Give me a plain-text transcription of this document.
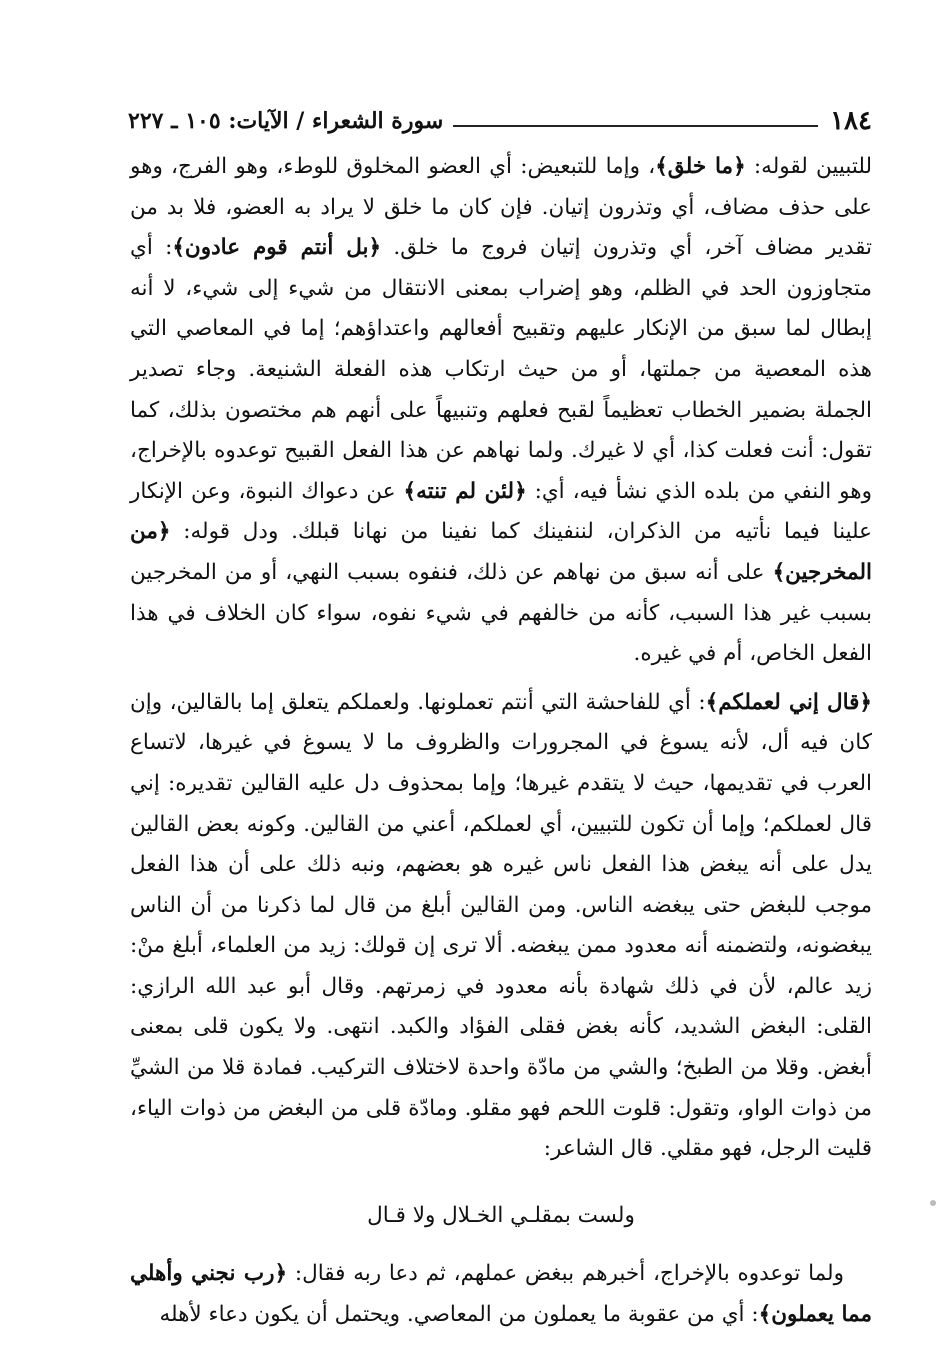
١٨٤
سورة الشعراء / الآيات: ١٠٥ ـ ٢٢٧

للتبيين لقوله: ﴿ما خلق﴾، وإما للتبعيض: أي العضو المخلوق للوطء، وهو الفرج، وهو على حذف مضاف، أي وتذرون إتيان. فإن كان ما خلق لا يراد به العضو، فلا بد من تقدير مضاف آخر، أي وتذرون إتيان فروج ما خلق. ﴿بل أنتم قوم عادون﴾: أي متجاوزون الحد في الظلم، وهو إضراب بمعنى الانتقال من شيء إلى شيء، لا أنه إبطال لما سبق من الإنكار عليهم وتقبيح أفعالهم واعتداؤهم؛ إما في المعاصي التي هذه المعصية من جملتها، أو من حيث ارتكاب هذه الفعلة الشنيعة. وجاء تصدير الجملة بضمير الخطاب تعظيماً لقبح فعلهم وتنبيهاً على أنهم هم مختصون بذلك، كما تقول: أنت فعلت كذا، أي لا غيرك. ولما نهاهم عن هذا الفعل القبيح توعدوه بالإخراج، وهو النفي من بلده الذي نشأ فيه، أي: ﴿لئن لم تنته﴾ عن دعواك النبوة، وعن الإنكار علينا فيما نأتيه من الذكران، لننفينك كما نفينا من نهانا قبلك. ودل قوله: ﴿من المخرجين﴾ على أنه سبق من نهاهم عن ذلك، فنفوه بسبب النهي، أو من المخرجين بسبب غير هذا السبب، كأنه من خالفهم في شيء نفوه، سواء كان الخلاف في هذا الفعل الخاص، أم في غيره.

﴿قال إني لعملكم﴾: أي للفاحشة التي أنتم تعملونها. ولعملكم يتعلق إما بالقالين، وإن كان فيه أل، لأنه يسوغ في المجرورات والظروف ما لا يسوغ في غيرها، لاتساع العرب في تقديمها، حيث لا يتقدم غيرها؛ وإما بمحذوف دل عليه القالين تقديره: إني قال لعملكم؛ وإما أن تكون للتبيين، أي لعملكم، أعني من القالين. وكونه بعض القالين يدل على أنه يبغض هذا الفعل ناس غيره هو بعضهم، ونبه ذلك على أن هذا الفعل موجب للبغض حتى يبغضه الناس. ومن القالين أبلغ من قال لما ذكرنا من أن الناس يبغضونه، ولتضمنه أنه معدود ممن يبغضه. ألا ترى إن قولك: زيد من العلماء، أبلغ منْ: زيد عالم، لأن في ذلك شهادة بأنه معدود في زمرتهم. وقال أبو عبد الله الرازي: القلى: البغض الشديد، كأنه بغض فقلى الفؤاد والكبد. انتهى. ولا يكون قلى بمعنى أبغض. وقلا من الطبخ؛ والشي من مادّة واحدة لاختلاف التركيب. فمادة قلا من الشيِّ من ذوات الواو، وتقول: قلوت اللحم فهو مقلو. ومادّة قلى من البغض من ذوات الياء، قليت الرجل، فهو مقلي. قال الشاعر:

ولست بمقلـي الخـلال ولا قـال

ولما توعدوه بالإخراج، أخبرهم ببغض عملهم، ثم دعا ربه فقال: ﴿رب نجني وأهلي مما يعملون﴾: أي من عقوبة ما يعملون من المعاصي. ويحتمل أن يكون دعاء لأهله
